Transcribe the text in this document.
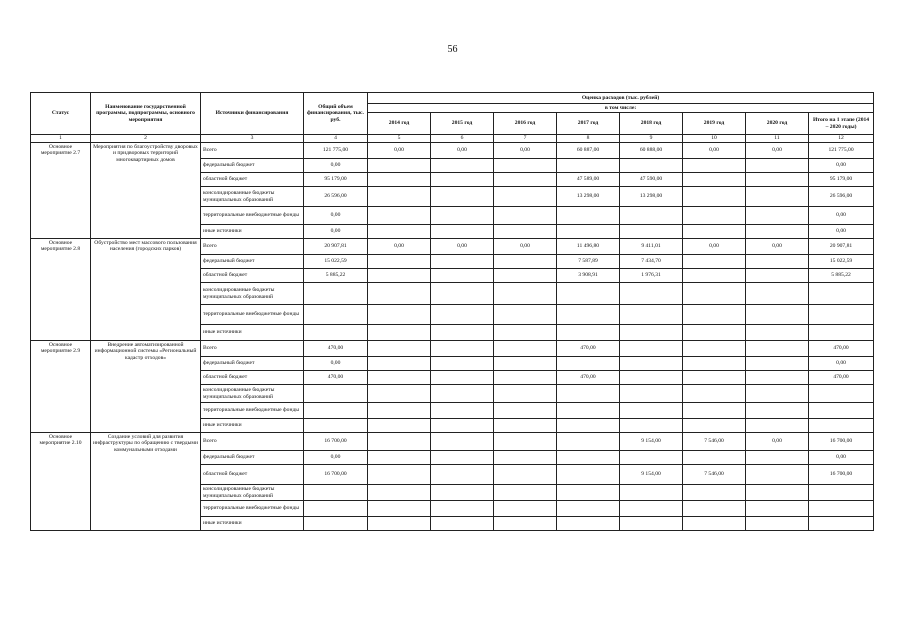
56
Статус	Наименование государственной программы, подпрограммы, основного мероприятия	Источники финансирования	Общий объем финансирования, тыс. руб.	Оценка расходов (тыс. рублей)							
				в том числе:							
				2014 год	2015 год	2016 год	2017 год	2018 год	2019 год	2020 год	Итого на 1 этапе (2014 – 2020 годы)
1	2	3	4	5	6	7	8	9	10	11	12
Основное мероприятие 2.7	Мероприятия по благоустройству дворовых и придворовых территорий многоквартирных домов	Всего	121 775,00	0,00	0,00	0,00	60 887,00	60 888,00	0,00	0,00	121 775,00
		федеральный бюджет	0,00								0,00
		областной бюджет	95 179,00				47 589,00	47 590,00			95 179,00
		консолидированные бюджеты муниципальных образований	26 596,00				13 298,00	13 298,00			26 596,00
		территориальные внебюджетные фонды	0,00								0,00
		иные источники	0,00								0,00
Основное мероприятие 2.8	Обустройство мест массового пользования населения (городских парков)	Всего	20 907,81	0,00	0,00	0,00	11 496,80	9 411,01	0,00	0,00	20 907,81
		федеральный бюджет	15 022,59				7 587,89	7 434,70			15 022,59
		областной бюджет	5 885,22				3 908,91	1 976,31			5 885,22
		консолидированные бюджеты муниципальных образований									
		территориальные внебюджетные фонды									
		иные источники									
Основное мероприятие 2.9	Внедрение автоматизированной информационной системы «Региональный кадастр отходов»	Всего	470,00				470,00				470,00
		федеральный бюджет	0,00								0,00
		областной бюджет	470,00				470,00				470,00
		консолидированные бюджеты муниципальных образований									
		территориальные внебюджетные фонды									
		иные источники									
Основное мероприятие 2.10	Создание условий для развития инфраструктуры по обращению с твердыми коммунальными отходами	Всего	16 700,00					9 154,00	7 546,00	0,00	16 700,00
		федеральный бюджет	0,00								0,00
		областной бюджет	16 700,00					9 154,00	7 546,00		16 700,00
		консолидированные бюджеты муниципальных образований									
		территориальные внебюджетные фонды									
		иные источники									
